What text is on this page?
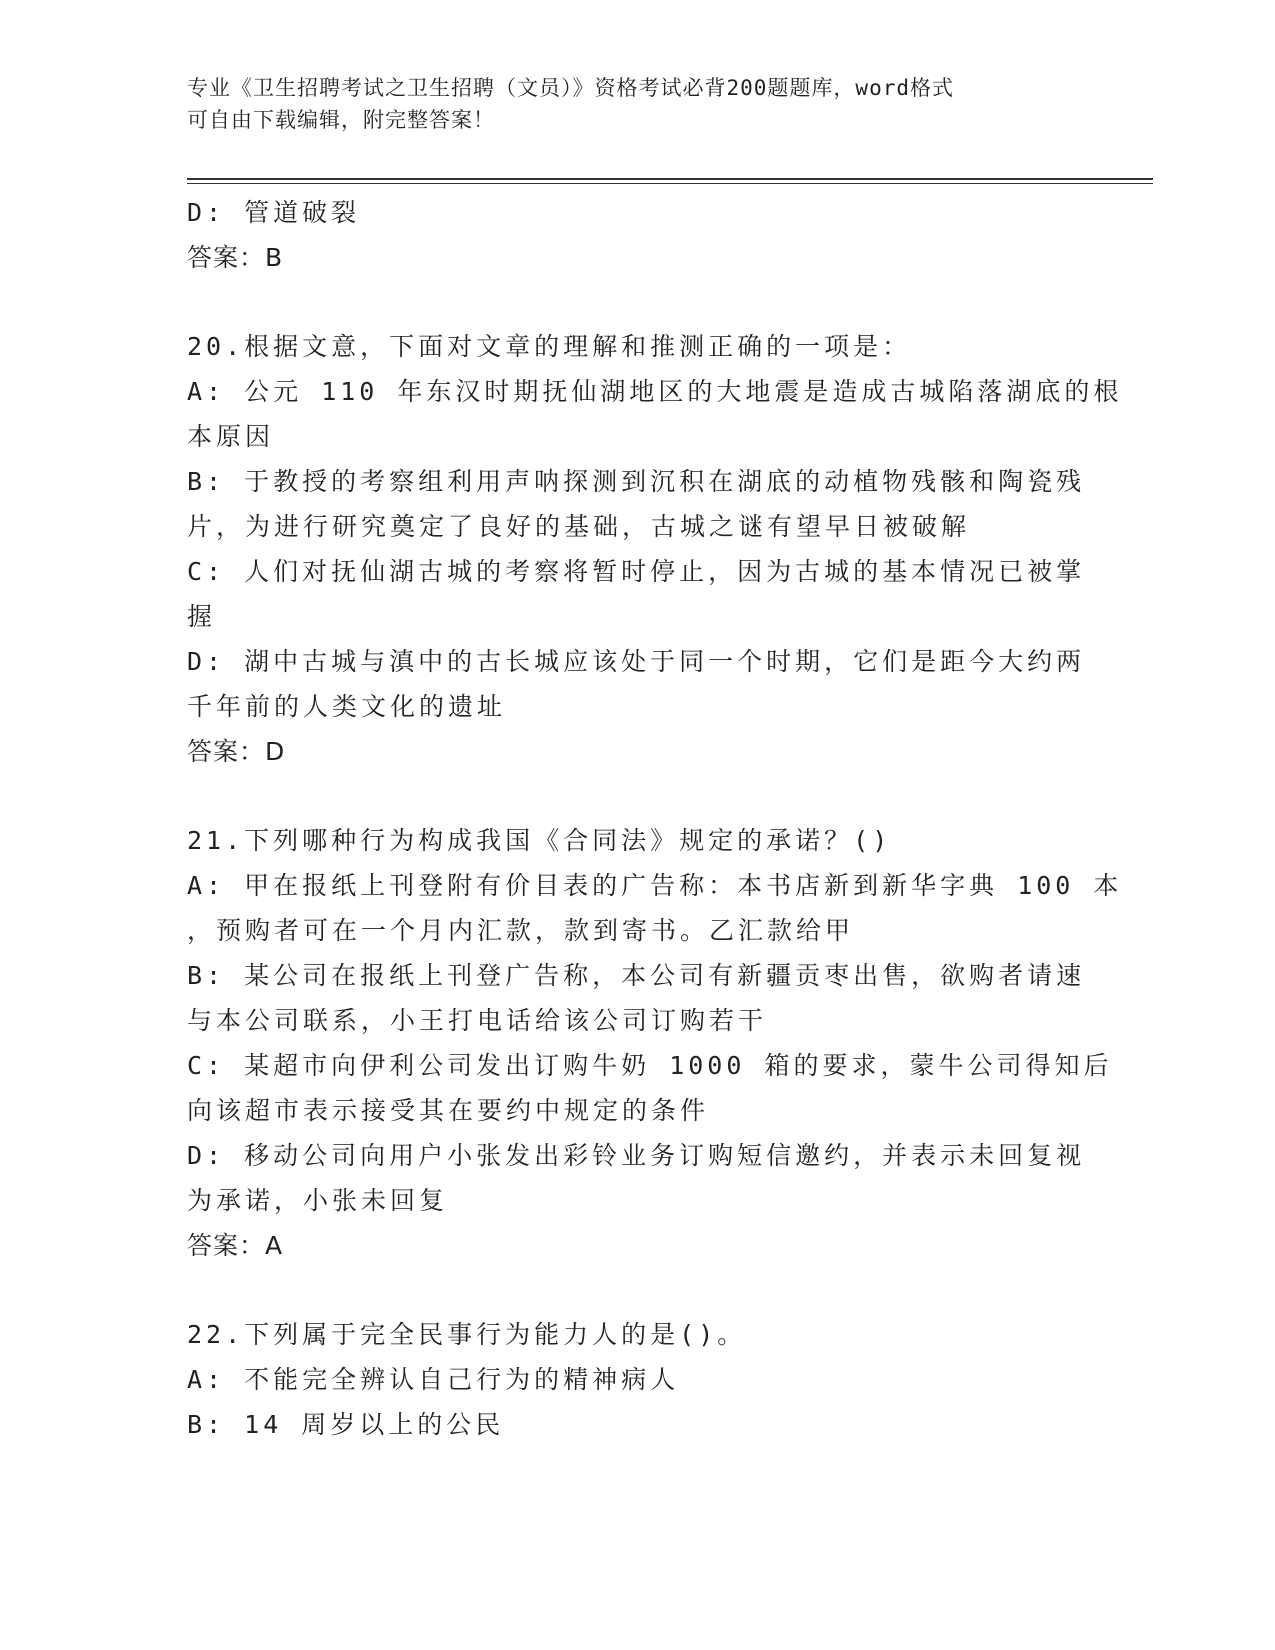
专业《卫生招聘考试之卫生招聘（文员）》资格考试必背200题题库，word格式
可自由下载编辑，附完整答案！
D: 管道破裂
答案：B
20.根据文意，下面对文章的理解和推测正确的一项是：
A: 公元 110 年东汉时期抚仙湖地区的大地震是造成古城陷落湖底的根
本原因
B: 于教授的考察组利用声呐探测到沉积在湖底的动植物残骸和陶瓷残
片，为进行研究奠定了良好的基础，古城之谜有望早日被破解
C: 人们对抚仙湖古城的考察将暂时停止，因为古城的基本情况已被掌
握
D: 湖中古城与滇中的古长城应该处于同一个时期，它们是距今大约两
千年前的人类文化的遗址
答案：D
21.下列哪种行为构成我国《合同法》规定的承诺？()
A: 甲在报纸上刊登附有价目表的广告称：本书店新到新华字典 100 本
，预购者可在一个月内汇款，款到寄书。乙汇款给甲
B: 某公司在报纸上刊登广告称，本公司有新疆贡枣出售，欲购者请速
与本公司联系，小王打电话给该公司订购若干
C: 某超市向伊利公司发出订购牛奶 1000 箱的要求，蒙牛公司得知后
向该超市表示接受其在要约中规定的条件
D: 移动公司向用户小张发出彩铃业务订购短信邀约，并表示未回复视
为承诺，小张未回复
答案：A
22.下列属于完全民事行为能力人的是()。
A: 不能完全辨认自己行为的精神病人
B: 14 周岁以上的公民
